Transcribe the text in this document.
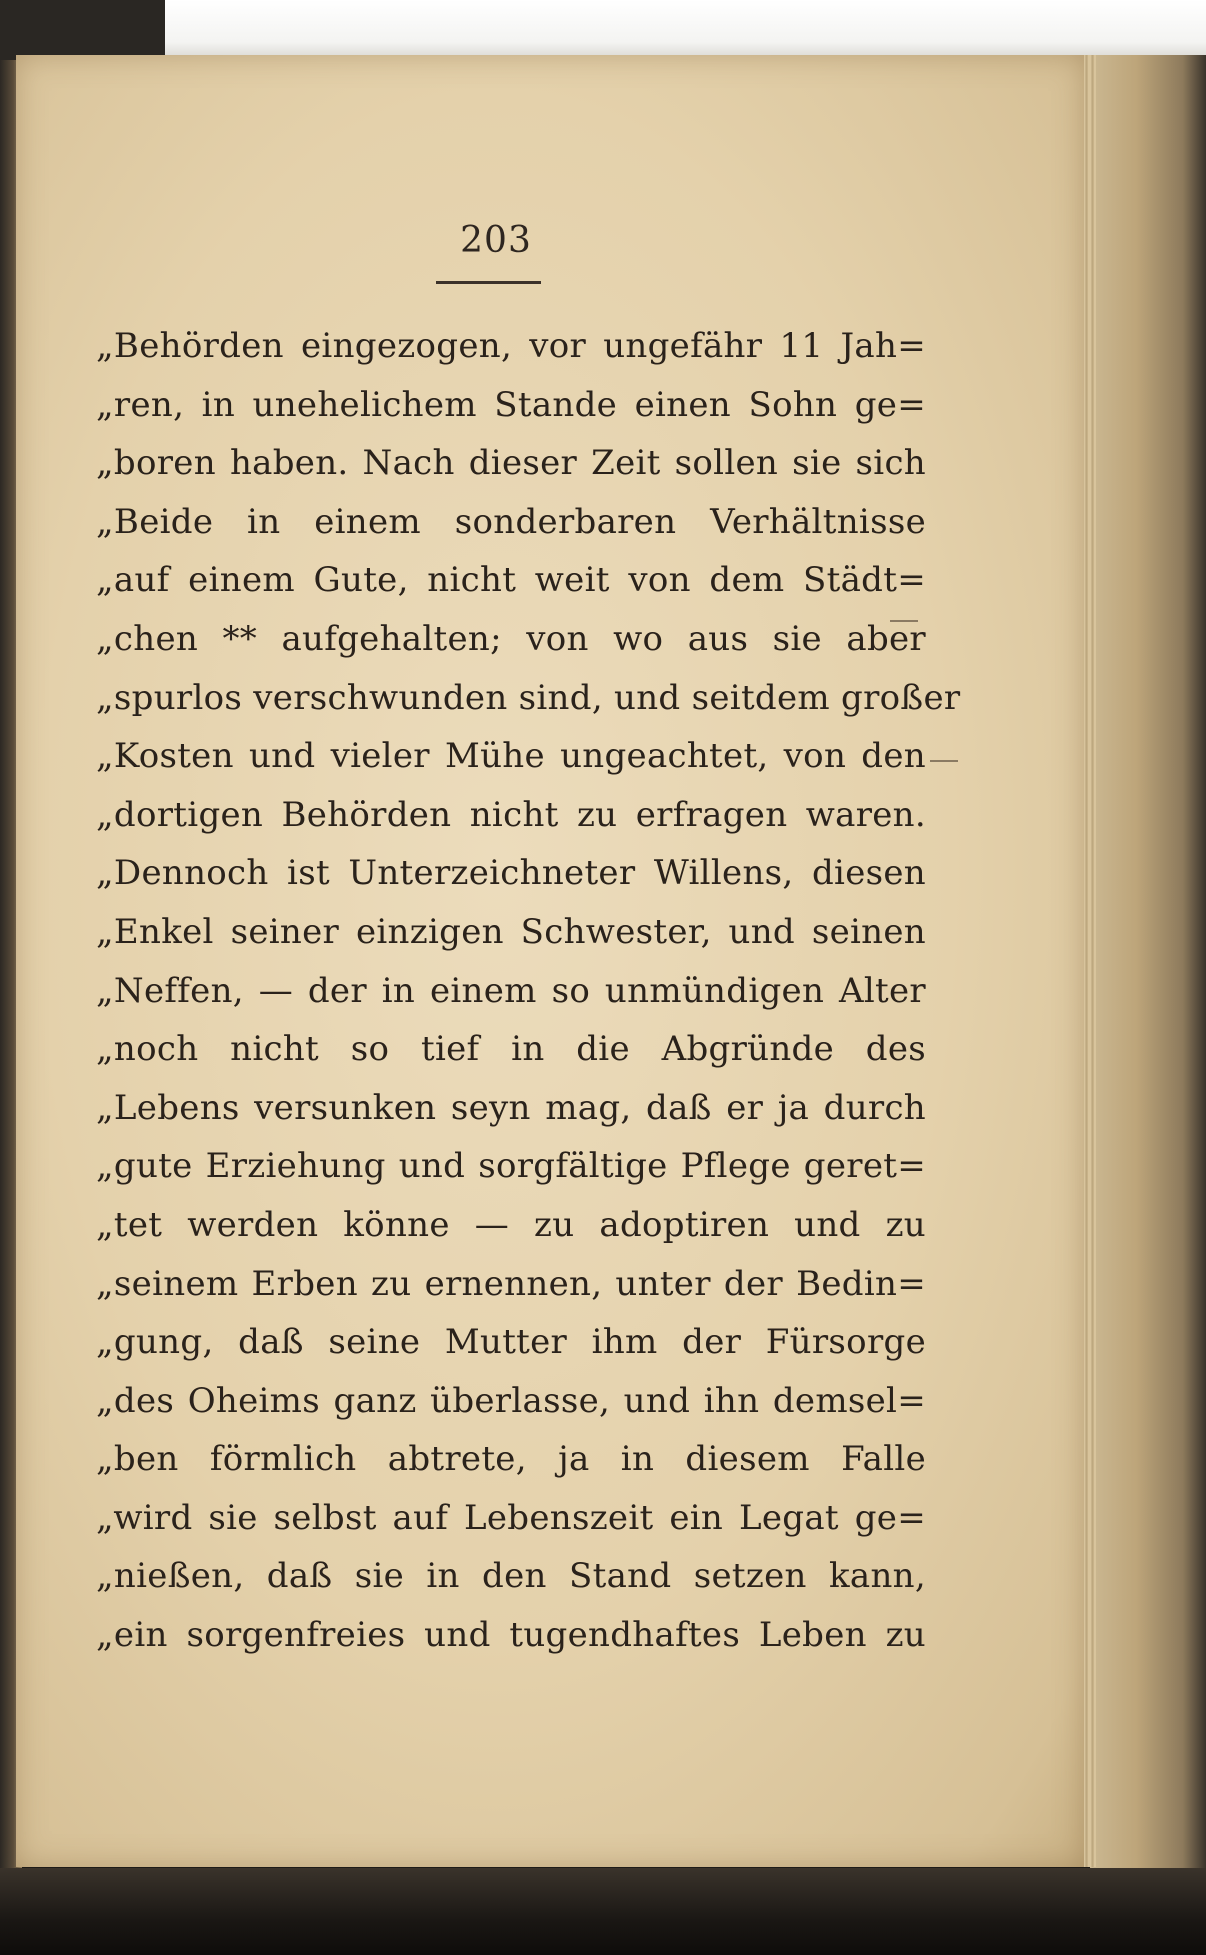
203
„Behörden eingezogen, vor ungefähr 11 Jah=
„ren, in unehelichem Stande einen Sohn ge=
„boren haben. Nach dieser Zeit sollen sie sich
„Beide in einem sonderbaren Verhältnisse
„auf einem Gute, nicht weit von dem Städt=
„chen ** aufgehalten; von wo aus sie aber
„spurlos verschwunden sind, und seitdem großer
„Kosten und vieler Mühe ungeachtet, von den
„dortigen Behörden nicht zu erfragen waren.
„Dennoch ist Unterzeichneter Willens, diesen
„Enkel seiner einzigen Schwester, und seinen
„Neffen, — der in einem so unmündigen Alter
„noch nicht so tief in die Abgründe des
„Lebens versunken seyn mag, daß er ja durch
„gute Erziehung und sorgfältige Pflege geret=
„tet werden könne — zu adoptiren und zu
„seinem Erben zu ernennen, unter der Bedin=
„gung, daß seine Mutter ihm der Fürsorge
„des Oheims ganz überlasse, und ihn demsel=
„ben förmlich abtrete, ja in diesem Falle
„wird sie selbst auf Lebenszeit ein Legat ge=
„nießen, daß sie in den Stand setzen kann,
„ein sorgenfreies und tugendhaftes Leben zu
